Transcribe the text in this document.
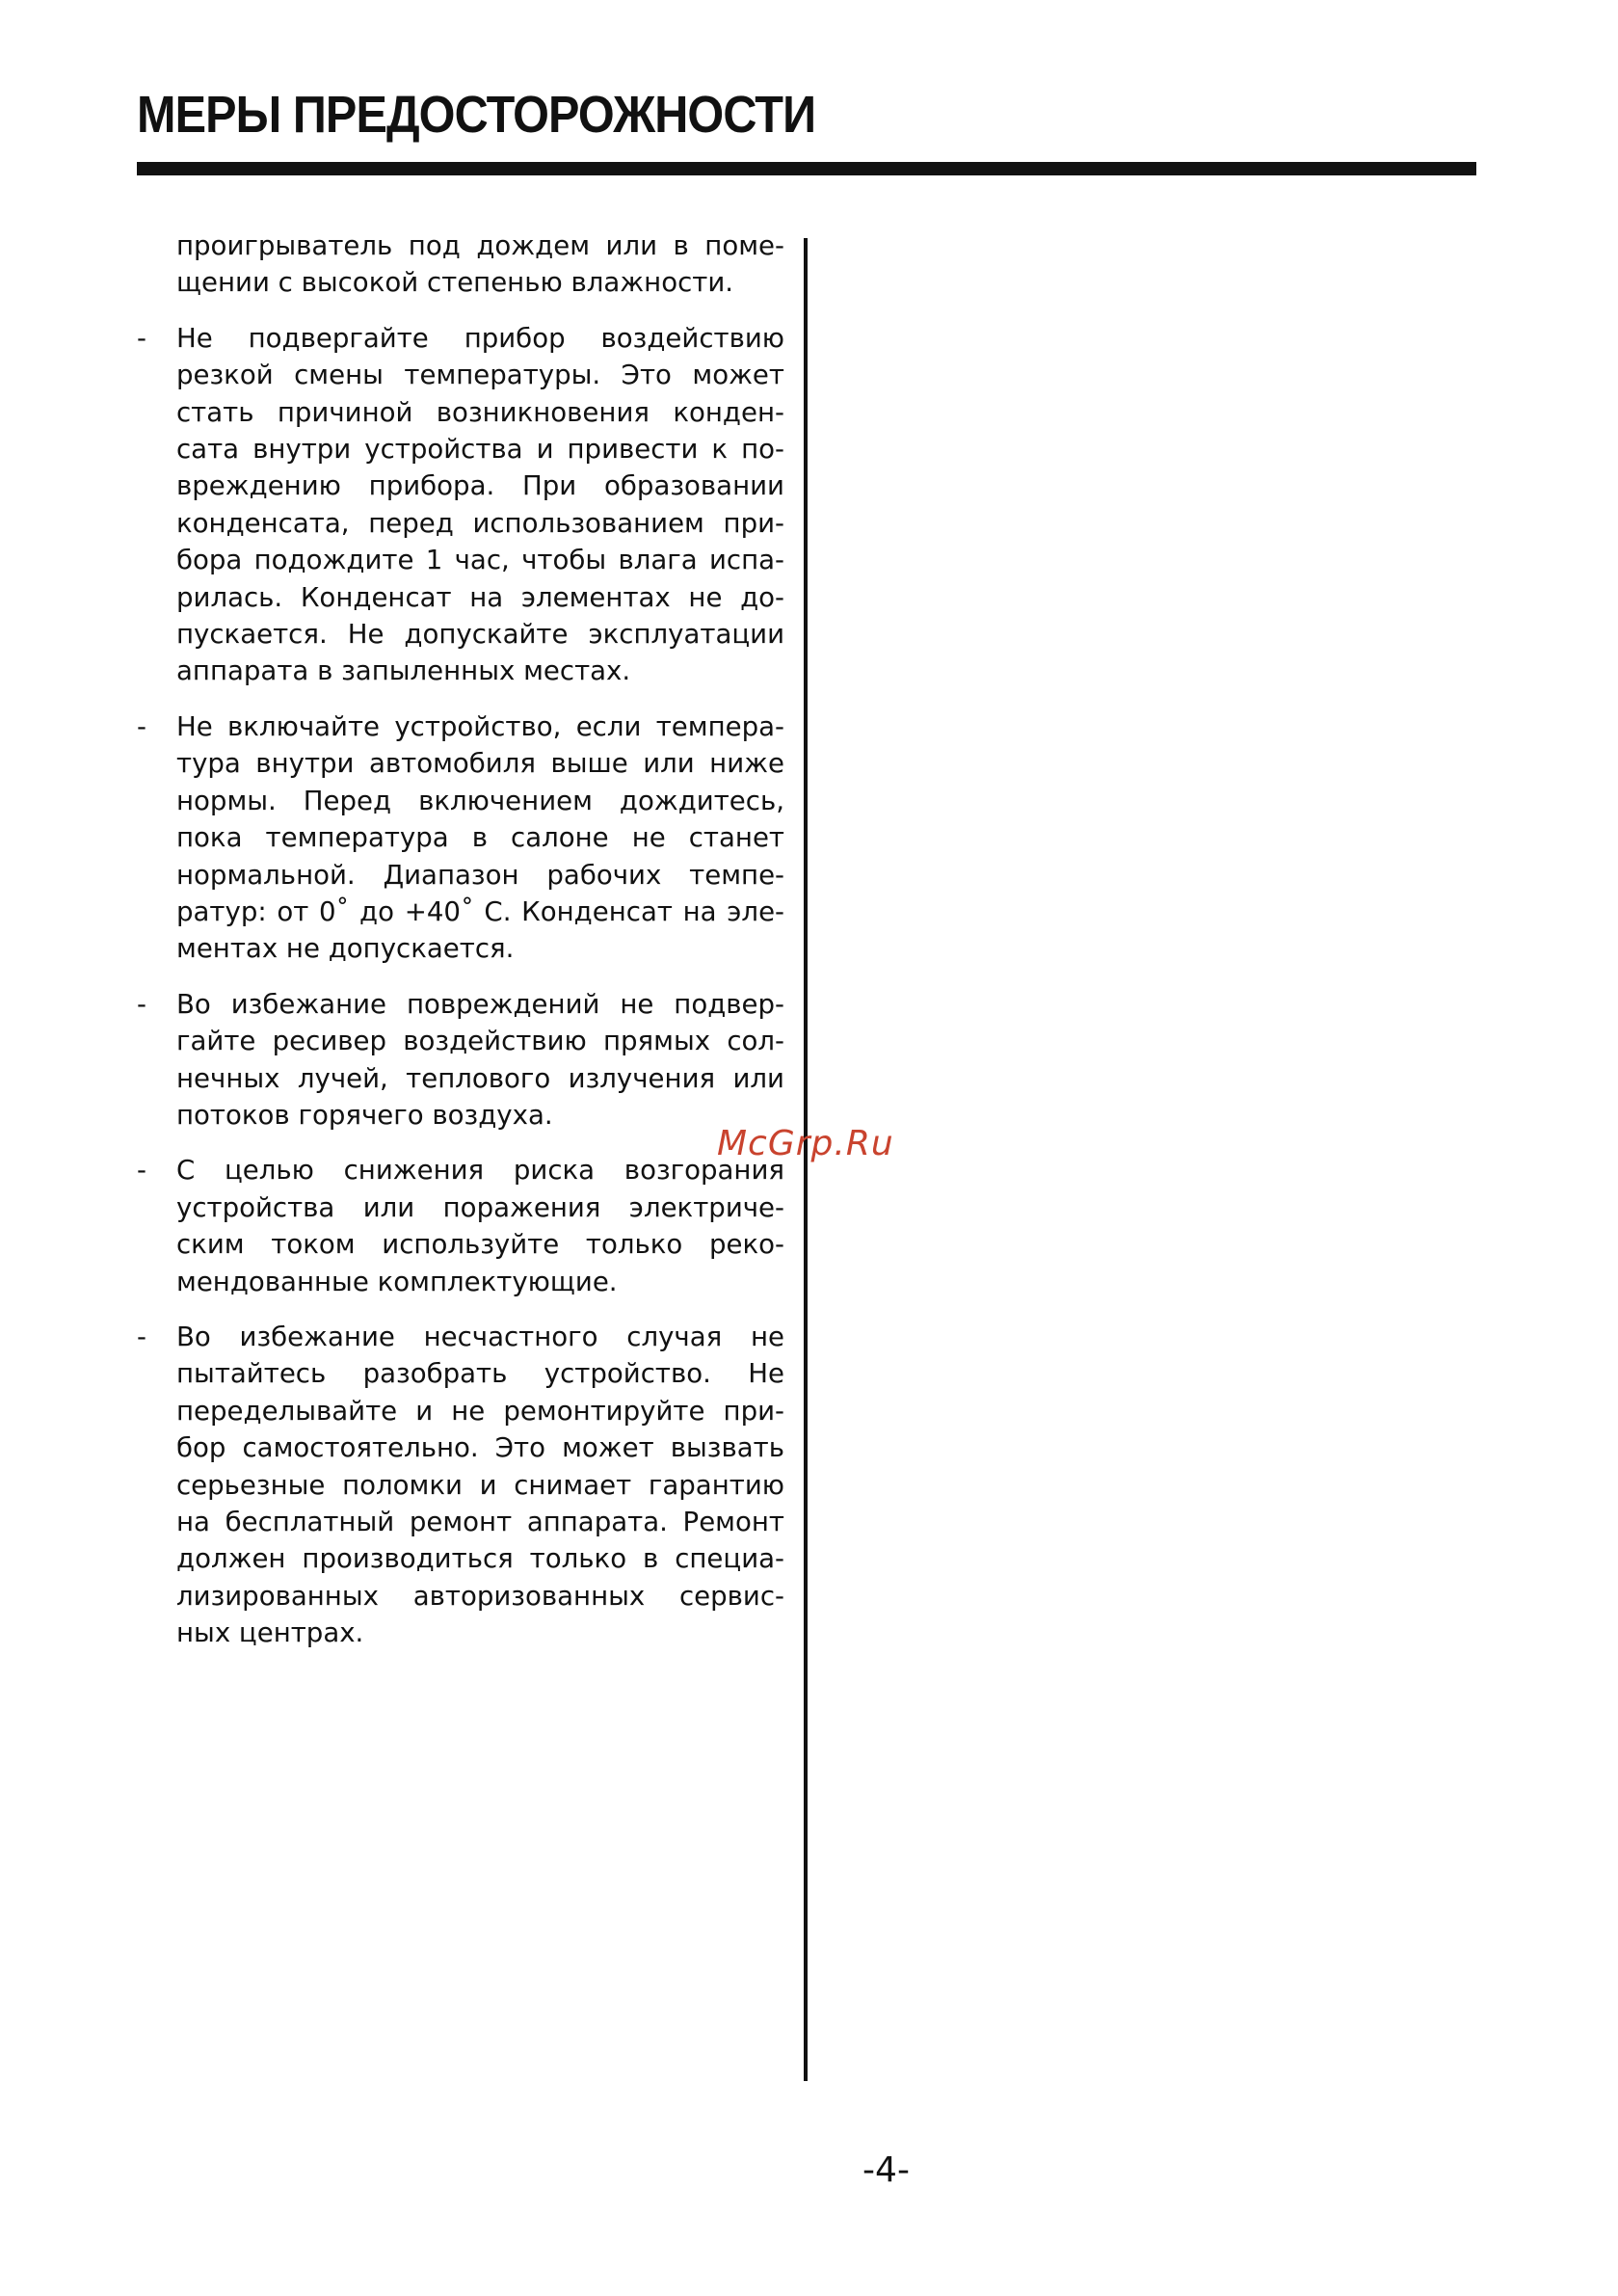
МЕРЫ ПРЕДОСТОРОЖНОСТИ

проигрыватель под дождем или в поме-щении с высокой степенью влажности.

- Не подвергайте прибор воздействию резкой смены температуры. Это может стать причиной возникновения конден-сата внутри устройства и привести к по-вреждению прибора. При образовании конденсата, перед использованием при-бора подождите 1 час, чтобы влага испа-рилась. Конденсат на элементах не до-пускается. Не допускайте эксплуатации аппарата в запыленных местах.

- Не включайте устройство, если темпера-тура внутри автомобиля выше или ниже нормы. Перед включением дождитесь, пока температура в салоне не станет нормальной. Диапазон рабочих темпе-ратур: от 0˚ до +40˚ С. Конденсат на эле-ментах не допускается.

- Во избежание повреждений не подвер-гайте ресивер воздействию прямых сол-нечных лучей, теплового излучения или потоков горячего воздуха.

- С целью снижения риска возгорания устройства или поражения электриче-ским током используйте только реко-мендованные комплектующие.

- Во избежание несчастного случая не пытайтесь разобрать устройство. Не переделывайте и не ремонтируйте при-бор самостоятельно. Это может вызвать серьезные поломки и снимает гарантию на бесплатный ремонт аппарата. Ремонт должен производиться только в специа-лизированных авторизованных сервис-ных центрах.

McGrp.Ru
-4-
